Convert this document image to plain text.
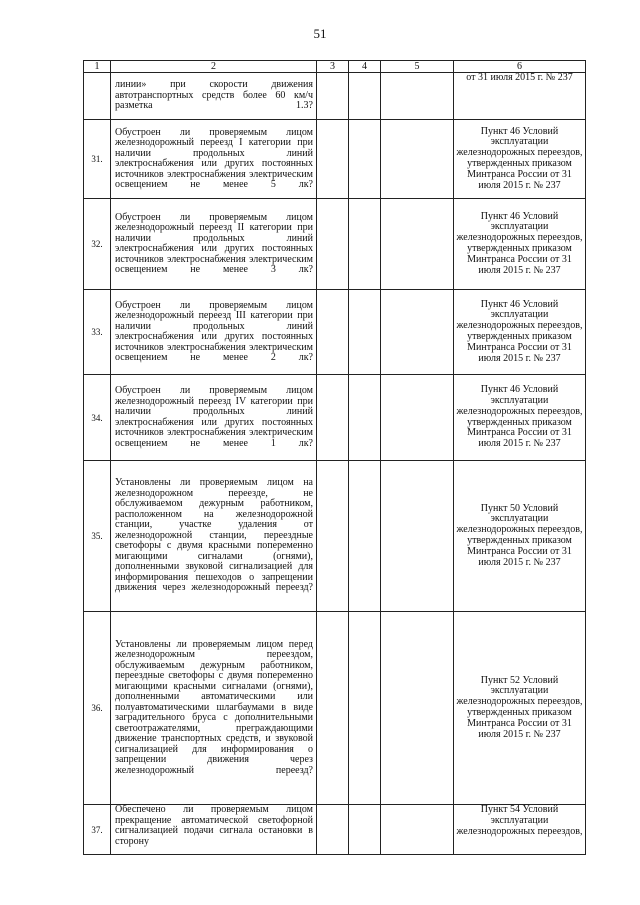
51
1	2	3	4	5	6
	линии» при скорости движения автотранспортных средств более 60 км/ч разметка 1.3?				от 31 июля 2015 г. № 237
31.	Обустроен ли проверяемым лицом железнодорожный переезд I категории при наличии продольных линий электроснабжения или других постоянных источников электроснабжения электрическим освещением не менее 5 лк?				Пункт 46 Условий эксплуатации железнодорожных переездов, утвержденных приказом Минтранса России от 31 июля 2015 г. № 237
32.	Обустроен ли проверяемым лицом железнодорожный переезд II категории при наличии продольных линий электроснабжения или других постоянных источников электроснабжения электрическим освещением не менее 3 лк?				Пункт 46 Условий эксплуатации железнодорожных переездов, утвержденных приказом Минтранса России от 31 июля 2015 г. № 237
33.	Обустроен ли проверяемым лицом железнодорожный переезд III категории при наличии продольных линий электроснабжения или других постоянных источников электроснабжения электрическим освещением не менее 2 лк?				Пункт 46 Условий эксплуатации железнодорожных переездов, утвержденных приказом Минтранса России от 31 июля 2015 г. № 237
34.	Обустроен ли проверяемым лицом железнодорожный переезд IV категории при наличии продольных линий электроснабжения или других постоянных источников электроснабжения электрическим освещением не менее 1 лк?				Пункт 46 Условий эксплуатации железнодорожных переездов, утвержденных приказом Минтранса России от 31 июля 2015 г. № 237
35.	Установлены ли проверяемым лицом на железнодорожном переезде, не обслуживаемом дежурным работником, расположенном на железнодорожной станции, участке удаления от железнодорожной станции, переездные светофоры с двумя красными попеременно мигающими сигналами (огнями), дополненными звуковой сигнализацией для информирования пешеходов о запрещении движения через железнодорожный переезд?				Пункт 50 Условий эксплуатации железнодорожных переездов, утвержденных приказом Минтранса России от 31 июля 2015 г. № 237
36.	Установлены ли проверяемым лицом перед железнодорожным переездом, обслуживаемым дежурным работником, переездные светофоры с двумя попеременно мигающими красными сигналами (огнями), дополненными автоматическими или полуавтоматическими шлагбаумами в виде заградительного бруса с дополнительными светоотражателями, преграждающими движение транспортных средств, и звуковой сигнализацией для информирования о запрещении движения через железнодорожный переезд?				Пункт 52 Условий эксплуатации железнодорожных переездов, утвержденных приказом Минтранса России от 31 июля 2015 г. № 237
37.	Обеспечено ли проверяемым лицом прекращение автоматической светофорной сигнализацией подачи сигнала остановки в сторону				Пункт 54 Условий эксплуатации железнодорожных переездов,
